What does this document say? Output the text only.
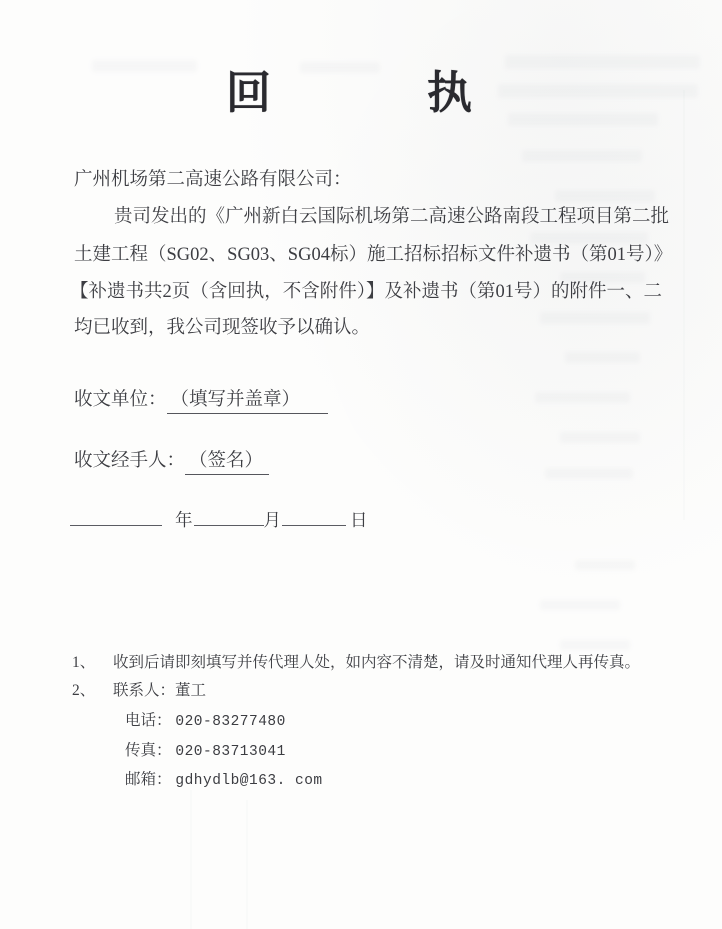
回	执
广州机场第二高速公路有限公司：
贵司发出的《广州新白云国际机场第二高速公路南段工程项目第二批
土建工程（SG02、SG03、SG04标）施工招标招标文件补遗书（第01号）》
【补遗书共2页（含回执，不含附件）】及补遗书（第01号）的附件一、二
均已收到，我公司现签收予以确认。
收文单位： （填写并盖章）
收文经手人： （签名）
年	月	日
1、	收到后请即刻填写并传代理人处，如内容不清楚，请及时通知代理人再传真。
2、	联系人：董工
电话： 020-83277480
传真： 020-83713041
邮箱： gdhydlb@163. com
